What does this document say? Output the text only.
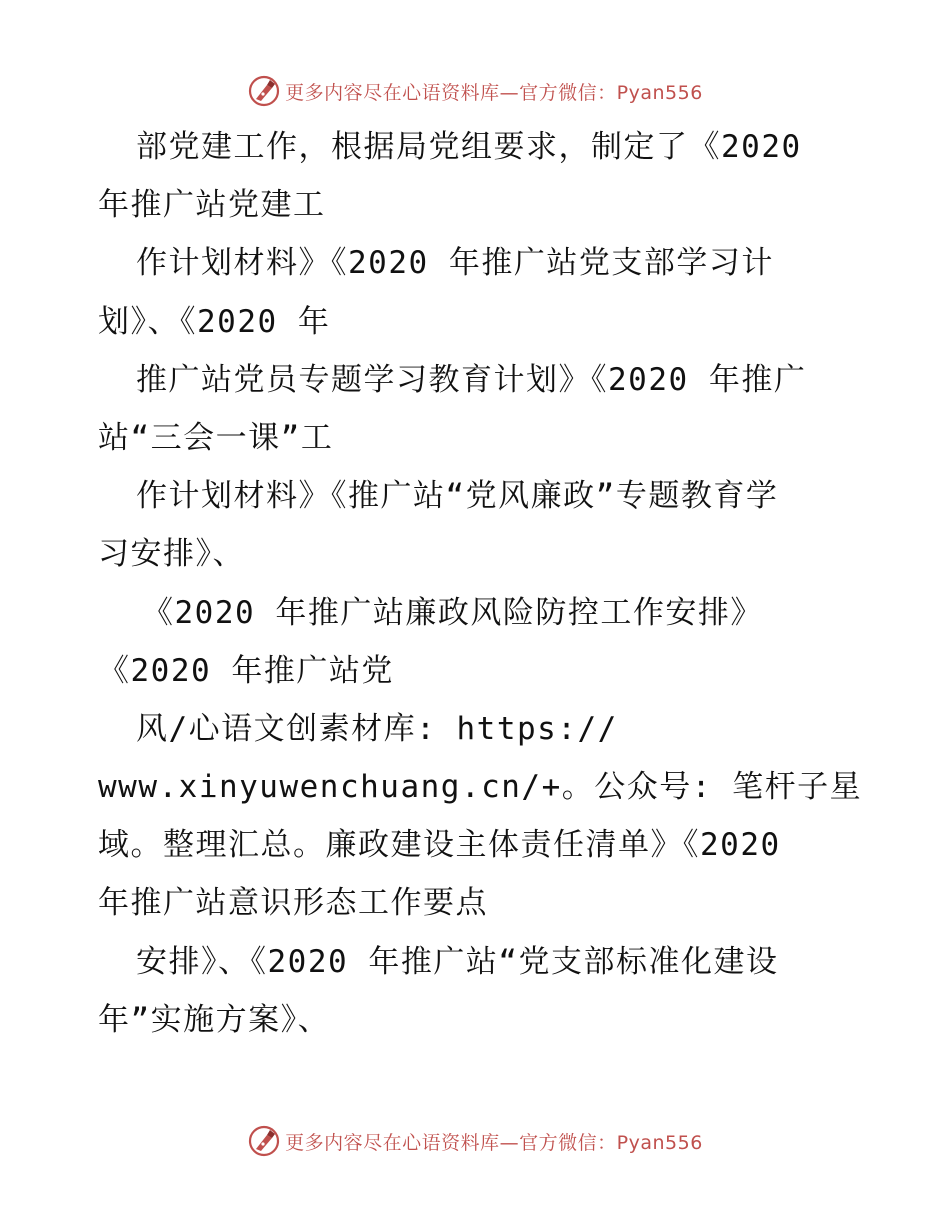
更多内容尽在心语资料库—官方微信：Pyan556
部党建工作，根据局党组要求，制定了《2020
年推广站党建工
作计划材料》《2020 年推广站党支部学习计
划》、《2020 年
推广站党员专题学习教育计划》《2020 年推广
站“三会一课”工
作计划材料》《推广站“党风廉政”专题教育学
习安排》、
《2020 年推广站廉政风险防控工作安排》
《2020 年推广站党
风/心语文创素材库: https://
www.xinyuwenchuang.cn/+。公众号: 笔杆子星
域。整理汇总。廉政建设主体责任清单》《2020
年推广站意识形态工作要点
安排》、《2020 年推广站“党支部标准化建设
年”实施方案》、
更多内容尽在心语资料库—官方微信：Pyan556
